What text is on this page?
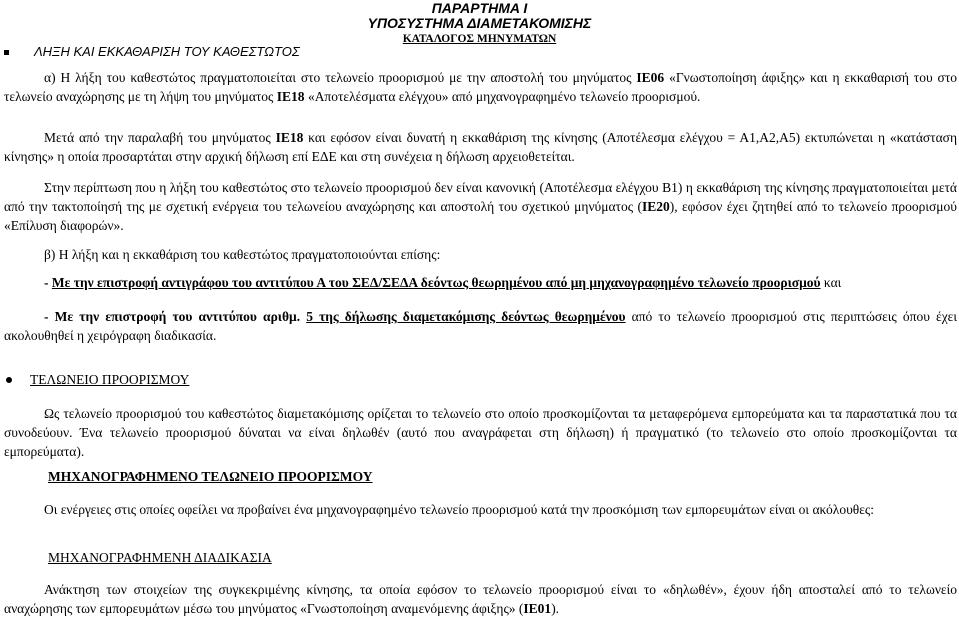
ΠΑΡΑΡΤΗΜΑ Ι
ΥΠΟΣΥΣΤΗΜΑ ΔΙΑΜΕΤΑΚΟΜΙΣΗΣ
ΚΑΤΑΛΟΓΟΣ ΜΗΝΥΜΑΤΩΝ
ΛΗΞΗ ΚΑΙ ΕΚΚΑΘΑΡΙΣΗ ΤΟΥ ΚΑΘΕΣΤΩΤΟΣ
α) Η λήξη του καθεστώτος πραγματοποιείται στο τελωνείο προορισμού με την αποστολή του μηνύματος ΙΕ06 «Γνωστοποίηση άφιξης» και η εκκαθαρισή του στο τελωνείο αναχώρησης με τη λήψη του μηνύματος ΙΕ18 «Αποτελέσματα ελέγχου» από μηχανογραφημένο τελωνείο προορισμού.
Μετά από την παραλαβή του μηνύματος ΙΕ18 και εφόσον είναι δυνατή η εκκαθάριση της κίνησης (Αποτέλεσμα ελέγχου = Α1,Α2,Α5) εκτυπώνεται η «κατάσταση κίνησης» η οποία προσαρτάται στην αρχική δήλωση επί ΕΔΕ και στη συνέχεια η δήλωση αρχειοθετείται.
Στην περίπτωση που η λήξη του καθεστώτος στο τελωνείο προορισμού δεν είναι κανονική (Αποτέλεσμα ελέγχου Β1) η εκκαθάριση της κίνησης πραγματοποιείται μετά από την τακτοποίησή της με σχετική ενέργεια του τελωνείου αναχώρησης και αποστολή του σχετικού μηνύματος (ΙΕ20), εφόσον έχει ζητηθεί από το τελωνείο προορισμού «Επίλυση διαφορών».
β) Η λήξη και η εκκαθάριση του καθεστώτος πραγματοποιούνται επίσης:
- Με την επιστροφή αντιγράφου του αντιτύπου Α του ΣΕΔ/ΣΕΔΑ δεόντως θεωρημένου από μη μηχανογραφημένο τελωνείο προορισμού και
- Με την επιστροφή του αντιτύπου αριθμ. 5 της δήλωσης διαμετακόμισης δεόντως θεωρημένου από το τελωνείο προορισμού στις περιπτώσεις όπου έχει ακολουθηθεί η χειρόγραφη διαδικασία.
ΤΕΛΩΝΕΙΟ ΠΡΟΟΡΙΣΜΟΥ
Ως τελωνείο προορισμού του καθεστώτος διαμετακόμισης ορίζεται το τελωνείο στο οποίο προσκομίζονται τα μεταφερόμενα εμπορεύματα και τα παραστατικά που τα συνοδεύουν. Ένα τελωνείο προορισμού δύναται να είναι δηλωθέν (αυτό που αναγράφεται στη δήλωση) ή πραγματικό (το τελωνείο στο οποίο προσκομίζονται τα εμπορεύματα).
ΜΗΧΑΝΟΓΡΑΦΗΜΕΝΟ ΤΕΛΩΝΕΙΟ ΠΡΟΟΡΙΣΜΟΥ
Οι ενέργειες στις οποίες οφείλει να προβαίνει ένα μηχανογραφημένο τελωνείο προορισμού κατά την προσκόμιση των εμπορευμάτων είναι οι ακόλουθες:
ΜΗΧΑΝΟΓΡΑΦΗΜΕΝΗ ΔΙΑΔΙΚΑΣΙΑ
Ανάκτηση των στοιχείων της συγκεκριμένης κίνησης, τα οποία εφόσον το τελωνείο προορισμού είναι το «δηλωθέν», έχουν ήδη αποσταλεί από το τελωνείο αναχώρησης των εμπορευμάτων μέσω του μηνύματος «Γνωστοποίηση αναμενόμενης άφιξης» (ΙΕ01).
